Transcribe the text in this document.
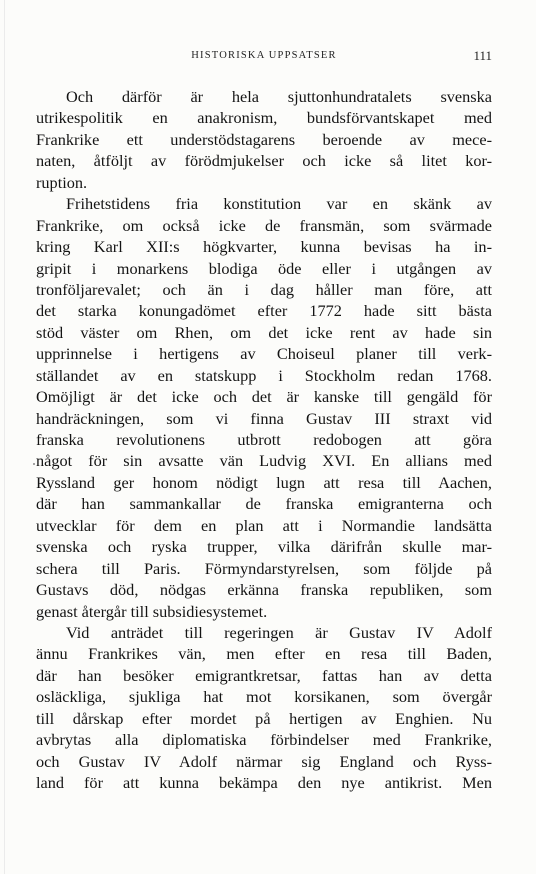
HISTORISKA UPPSATSER	111
Och därför är hela sjuttonhundratalets svenska
utrikespolitik en anakronism, bundsförvantskapet med
Frankrike ett understödstagarens beroende av mece-
naten, åtföljt av förödmjukelser och icke så litet kor-
ruption.
Frihetstidens fria konstitution var en skänk av
Frankrike, om också icke de fransmän, som svärmade
kring Karl XII:s högkvarter, kunna bevisas ha in-
gripit i monarkens blodiga öde eller i utgången av
tronföljarevalet; och än i dag håller man före, att
det starka konungadömet efter 1772 hade sitt bästa
stöd väster om Rhen, om det icke rent av hade sin
upprinnelse i hertigens av Choiseul planer till verk-
ställandet av en statskupp i Stockholm redan 1768.
Omöjligt är det icke och det är kanske till gengäld för
handräckningen, som vi finna Gustav III straxt vid
franska revolutionens utbrott redobogen att göra
något för sin avsatte vän Ludvig XVI. En allians med
Ryssland ger honom nödigt lugn att resa till Aachen,
där han sammankallar de franska emigranterna och
utvecklar för dem en plan att i Normandie landsätta
svenska och ryska trupper, vilka därifrån skulle mar-
schera till Paris. Förmyndarstyrelsen, som följde på
Gustavs död, nödgas erkänna franska republiken, som
genast återgår till subsidiesystemet.
Vid anträdet till regeringen är Gustav IV Adolf
ännu Frankrikes vän, men efter en resa till Baden,
där han besöker emigrantkretsar, fattas han av detta
osläckliga, sjukliga hat mot korsikanen, som övergår
till dårskap efter mordet på hertigen av Enghien. Nu
avbrytas alla diplomatiska förbindelser med Frankrike,
och Gustav IV Adolf närmar sig England och Ryss-
land för att kunna bekämpa den nye antikrist. Men
